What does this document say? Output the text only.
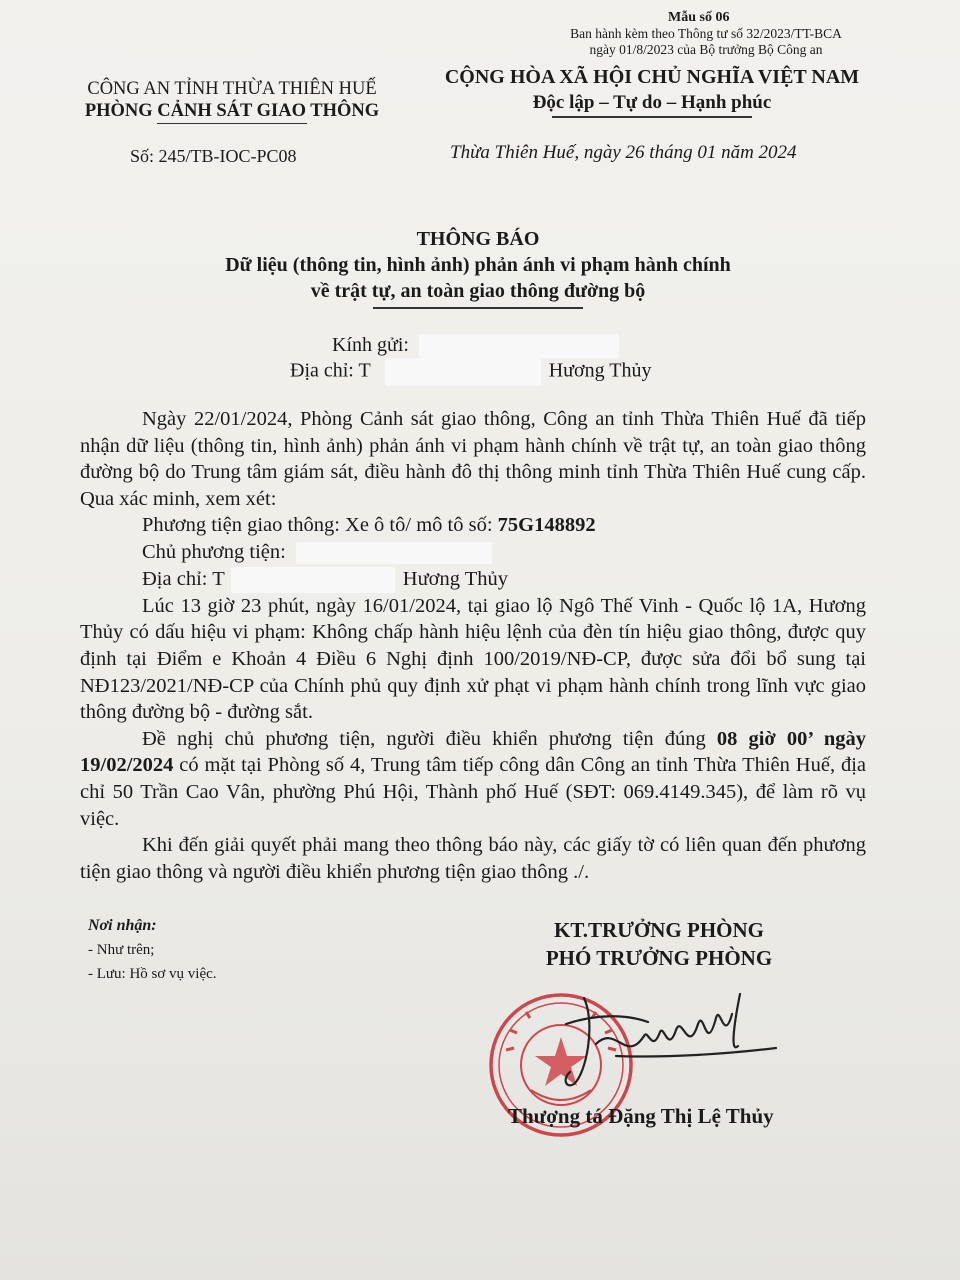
Mẫu số 06
Ban hành kèm theo Thông tư số 32/2023/TT-BCA
ngày 01/8/2023 của Bộ trưởng Bộ Công an
CÔNG AN TỈNH THỪA THIÊN HUẾ
PHÒNG CẢNH SÁT GIAO THÔNG
CỘNG HÒA XÃ HỘI CHỦ NGHĨA VIỆT NAM
Độc lập – Tự do – Hạnh phúc
Số: 245/TB-IOC-PC08	Thừa Thiên Huế, ngày 26 tháng 01 năm 2024
THÔNG BÁO
Dữ liệu (thông tin, hình ảnh) phản ánh vi phạm hành chính
về trật tự, an toàn giao thông đường bộ
Kính gửi:
Địa chỉ: T	Hương Thủy

Ngày 22/01/2024, Phòng Cảnh sát giao thông, Công an tỉnh Thừa Thiên Huế đã tiếp nhận dữ liệu (thông tin, hình ảnh) phản ánh vi phạm hành chính về trật tự, an toàn giao thông đường bộ do Trung tâm giám sát, điều hành đô thị thông minh tỉnh Thừa Thiên Huế cung cấp. Qua xác minh, xem xét:

Phương tiện giao thông: Xe ô tô/ mô tô số: 75G148892

Chủ phương tiện:

Địa chỉ: T	Hương Thủy

Lúc 13 giờ 23 phút, ngày 16/01/2024, tại giao lộ Ngô Thế Vinh - Quốc lộ 1A, Hương Thủy có dấu hiệu vi phạm: Không chấp hành hiệu lệnh của đèn tín hiệu giao thông, được quy định tại Điểm e Khoản 4 Điều 6 Nghị định 100/2019/NĐ-CP, được sửa đổi bổ sung tại NĐ123/2021/NĐ-CP của Chính phủ quy định xử phạt vi phạm hành chính trong lĩnh vực giao thông đường bộ - đường sắt.

Đề nghị chủ phương tiện, người điều khiển phương tiện đúng 08 giờ 00’ ngày 19/02/2024 có mặt tại Phòng số 4, Trung tâm tiếp công dân Công an tỉnh Thừa Thiên Huế, địa chỉ 50 Trần Cao Vân, phường Phú Hội, Thành phố Huế (SĐT: 069.4149.345), để làm rõ vụ việc.

Khi đến giải quyết phải mang theo thông báo này, các giấy tờ có liên quan đến phương tiện giao thông và người điều khiển phương tiện giao thông ./.

Nơi nhận:
- Như trên;
- Lưu: Hồ sơ vụ việc.
KT.TRƯỞNG PHÒNG
PHÓ TRƯỞNG PHÒNG
Thượng tá Đặng Thị Lệ Thủy
